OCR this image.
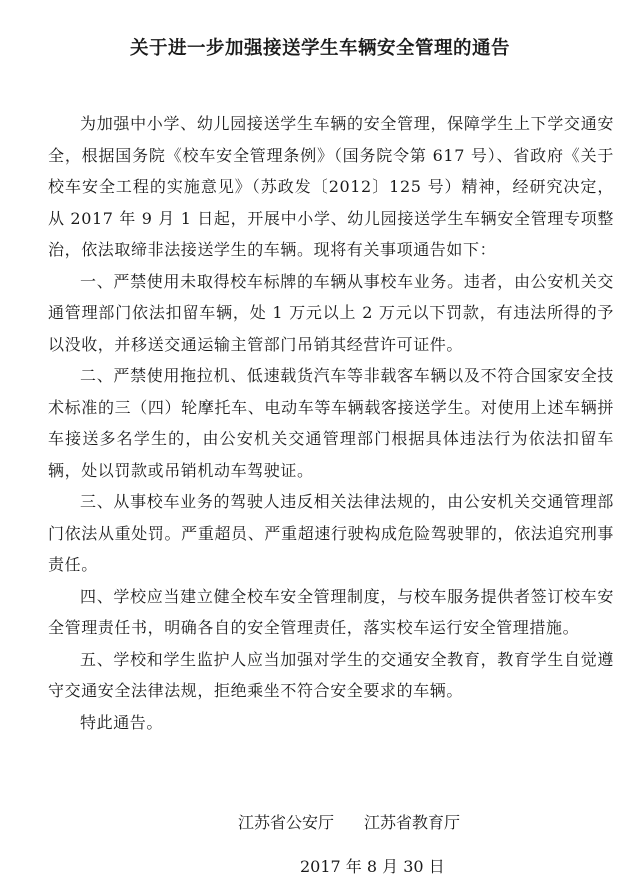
关于进一步加强接送学生车辆安全管理的通告

为加强中小学、幼儿园接送学生车辆的安全管理，保障学生上下学交通安全，根据国务院《校车安全管理条例》（国务院令第 617 号）、省政府《关于校车安全工程的实施意见》（苏政发〔2012〕125 号）精神，经研究决定，从 2017 年 9 月 1 日起，开展中小学、幼儿园接送学生车辆安全管理专项整治，依法取缔非法接送学生的车辆。现将有关事项通告如下：

一、严禁使用未取得校车标牌的车辆从事校车业务。违者，由公安机关交通管理部门依法扣留车辆，处 1 万元以上 2 万元以下罚款，有违法所得的予以没收，并移送交通运输主管部门吊销其经营许可证件。

二、严禁使用拖拉机、低速载货汽车等非载客车辆以及不符合国家安全技术标准的三（四）轮摩托车、电动车等车辆载客接送学生。对使用上述车辆拼车接送多名学生的，由公安机关交通管理部门根据具体违法行为依法扣留车辆，处以罚款或吊销机动车驾驶证。

三、从事校车业务的驾驶人违反相关法律法规的，由公安机关交通管理部门依法从重处罚。严重超员、严重超速行驶构成危险驾驶罪的，依法追究刑事责任。

四、学校应当建立健全校车安全管理制度，与校车服务提供者签订校车安全管理责任书，明确各自的安全管理责任，落实校车运行安全管理措施。

五、学校和学生监护人应当加强对学生的交通安全教育，教育学生自觉遵守交通安全法律法规，拒绝乘坐不符合安全要求的车辆。

特此通告。

江苏省公安厅 江苏省教育厅
2017 年 8 月 30 日
